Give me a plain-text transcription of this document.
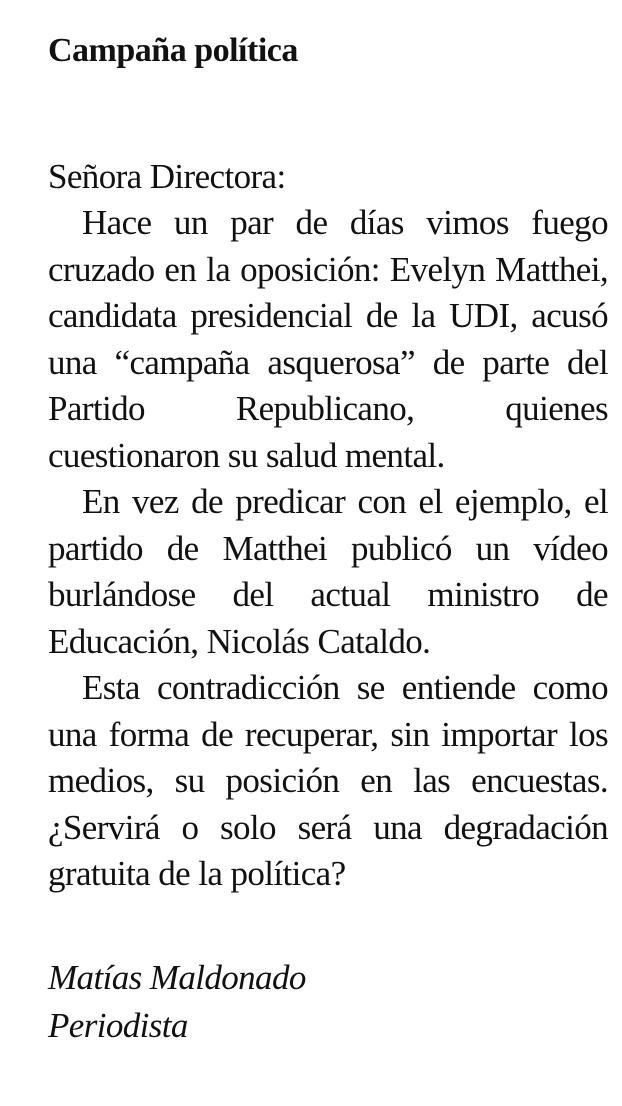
Campaña política
Señora Directora:

Hace un par de días vimos fuego cruzado en la oposición: Evelyn Matthei, candidata presidencial de la UDI, acusó una “campaña asquerosa” de parte del Partido Republicano, quienes cuestionaron su salud mental.

En vez de predicar con el ejemplo, el partido de Matthei publicó un vídeo burlándose del actual ministro de Educación, Nicolás Cataldo.

Esta contradicción se entiende como una forma de recuperar, sin importar los medios, su posición en las encuestas. ¿Servirá o solo será una degradación gratuita de la política?

Matías Maldonado
Periodista
